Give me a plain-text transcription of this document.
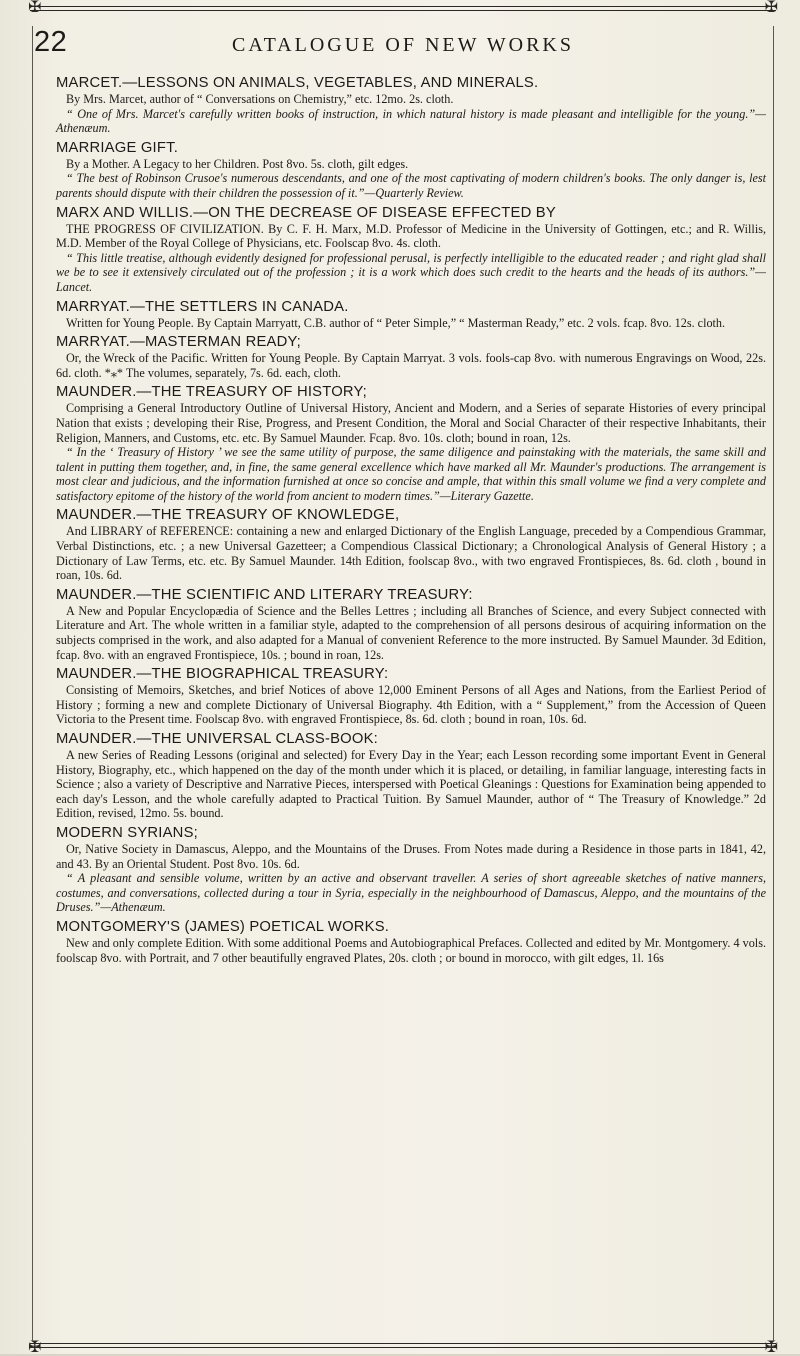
✠	✠
✠	✠
22	CATALOGUE OF NEW WORKS
MARCET.—LESSONS ON ANIMALS, VEGETABLES, AND MINERALS.

By Mrs. Marcet, author of “ Conversations on Chemistry,” etc. 12mo. 2s. cloth.

“ One of Mrs. Marcet's carefully written books of instruction, in which natural history is made pleasant and intelligible for the young.”—Athenæum.

MARRIAGE GIFT.

By a Mother. A Legacy to her Children. Post 8vo. 5s. cloth, gilt edges.

“ The best of Robinson Crusoe's numerous descendants, and one of the most captivating of modern children's books. The only danger is, lest parents should dispute with their children the possession of it.”—Quarterly Review.

MARX AND WILLIS.—ON THE DECREASE OF DISEASE EFFECTED BY

THE PROGRESS OF CIVILIZATION. By C. F. H. Marx, M.D. Professor of Medicine in the University of Gottingen, etc.; and R. Willis, M.D. Member of the Royal College of Physicians, etc. Foolscap 8vo. 4s. cloth.

“ This little treatise, although evidently designed for professional perusal, is perfectly intelligible to the educated reader ; and right glad shall we be to see it extensively circulated out of the profession ; it is a work which does such credit to the hearts and the heads of its authors.”—Lancet.

MARRYAT.—THE SETTLERS IN CANADA.

Written for Young People. By Captain Marryatt, C.B. author of “ Peter Simple,” “ Masterman Ready,” etc. 2 vols. fcap. 8vo. 12s. cloth.

MARRYAT.—MASTERMAN READY;

Or, the Wreck of the Pacific. Written for Young People. By Captain Marryat. 3 vols. fools-cap 8vo. with numerous Engravings on Wood, 22s. 6d. cloth. *⁎* The volumes, separately, 7s. 6d. each, cloth.

MAUNDER.—THE TREASURY OF HISTORY;

Comprising a General Introductory Outline of Universal History, Ancient and Modern, and a Series of separate Histories of every principal Nation that exists ; developing their Rise, Progress, and Present Condition, the Moral and Social Character of their respective Inhabitants, their Religion, Manners, and Customs, etc. etc. By Samuel Maunder. Fcap. 8vo. 10s. cloth; bound in roan, 12s.

“ In the ‘ Treasury of History ’ we see the same utility of purpose, the same diligence and painstaking with the materials, the same skill and talent in putting them together, and, in fine, the same general excellence which have marked all Mr. Maunder's productions. The arrangement is most clear and judicious, and the information furnished at once so concise and ample, that within this small volume we find a very complete and satisfactory epitome of the history of the world from ancient to modern times.”—Literary Gazette.

MAUNDER.—THE TREASURY OF KNOWLEDGE,

And LIBRARY of REFERENCE: containing a new and enlarged Dictionary of the English Language, preceded by a Compendious Grammar, Verbal Distinctions, etc. ; a new Universal Gazetteer; a Compendious Classical Dictionary; a Chronological Analysis of General History ; a Dictionary of Law Terms, etc. etc. By Samuel Maunder. 14th Edition, foolscap 8vo., with two engraved Frontispieces, 8s. 6d. cloth , bound in roan, 10s. 6d.

MAUNDER.—THE SCIENTIFIC AND LITERARY TREASURY:

A New and Popular Encyclopædia of Science and the Belles Lettres ; including all Branches of Science, and every Subject connected with Literature and Art. The whole written in a familiar style, adapted to the comprehension of all persons desirous of acquiring information on the subjects comprised in the work, and also adapted for a Manual of convenient Reference to the more instructed. By Samuel Maunder. 3d Edition, fcap. 8vo. with an engraved Frontispiece, 10s. ; bound in roan, 12s.

MAUNDER.—THE BIOGRAPHICAL TREASURY:

Consisting of Memoirs, Sketches, and brief Notices of above 12,000 Eminent Persons of all Ages and Nations, from the Earliest Period of History ; forming a new and complete Dictionary of Universal Biography. 4th Edition, with a “ Supplement,” from the Accession of Queen Victoria to the Present time. Foolscap 8vo. with engraved Frontispiece, 8s. 6d. cloth ; bound in roan, 10s. 6d.

MAUNDER.—THE UNIVERSAL CLASS-BOOK:

A new Series of Reading Lessons (original and selected) for Every Day in the Year; each Lesson recording some important Event in General History, Biography, etc., which happened on the day of the month under which it is placed, or detailing, in familiar language, interesting facts in Science ; also a variety of Descriptive and Narrative Pieces, interspersed with Poetical Gleanings : Questions for Examination being appended to each day's Lesson, and the whole carefully adapted to Practical Tuition. By Samuel Maunder, author of “ The Treasury of Knowledge.” 2d Edition, revised, 12mo. 5s. bound.

MODERN SYRIANS;

Or, Native Society in Damascus, Aleppo, and the Mountains of the Druses. From Notes made during a Residence in those parts in 1841, 42, and 43. By an Oriental Student. Post 8vo. 10s. 6d.

“ A pleasant and sensible volume, written by an active and observant traveller. A series of short agreeable sketches of native manners, costumes, and conversations, collected during a tour in Syria, especially in the neighbourhood of Damascus, Aleppo, and the mountains of the Druses.”—Athenæum.

MONTGOMERY'S (JAMES) POETICAL WORKS.

New and only complete Edition. With some additional Poems and Autobiographical Prefaces. Collected and edited by Mr. Montgomery. 4 vols. foolscap 8vo. with Portrait, and 7 other beautifully engraved Plates, 20s. cloth ; or bound in morocco, with gilt edges, 1l. 16s
